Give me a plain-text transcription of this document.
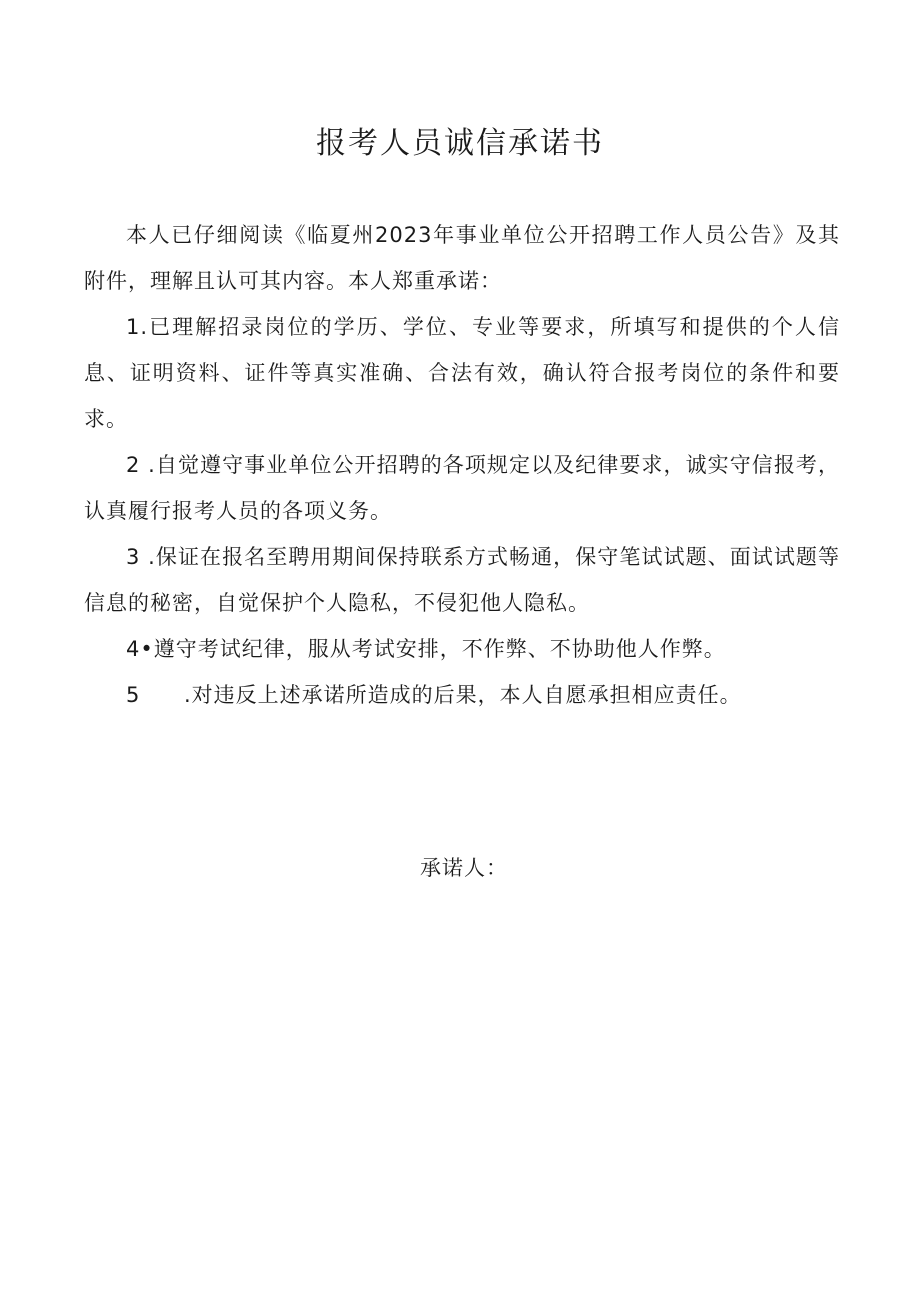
报考人员诚信承诺书

本人已仔细阅读《临夏州2023年事业单位公开招聘工作人员公告》及其附件，理解且认可其内容。本人郑重承诺：

1.已理解招录岗位的学历、学位、专业等要求，所填写和提供的个人信息、证明资料、证件等真实准确、合法有效，确认符合报考岗位的条件和要求。

2 .自觉遵守事业单位公开招聘的各项规定以及纪律要求，诚实守信报考，认真履行报考人员的各项义务。

3 .保证在报名至聘用期间保持联系方式畅通，保守笔试试题、面试试题等信息的秘密，自觉保护个人隐私，不侵犯他人隐私。

4•遵守考试纪律，服从考试安排，不作弊、不协助他人作弊。

5 .对违反上述承诺所造成的后果，本人自愿承担相应责任。

承诺人：
